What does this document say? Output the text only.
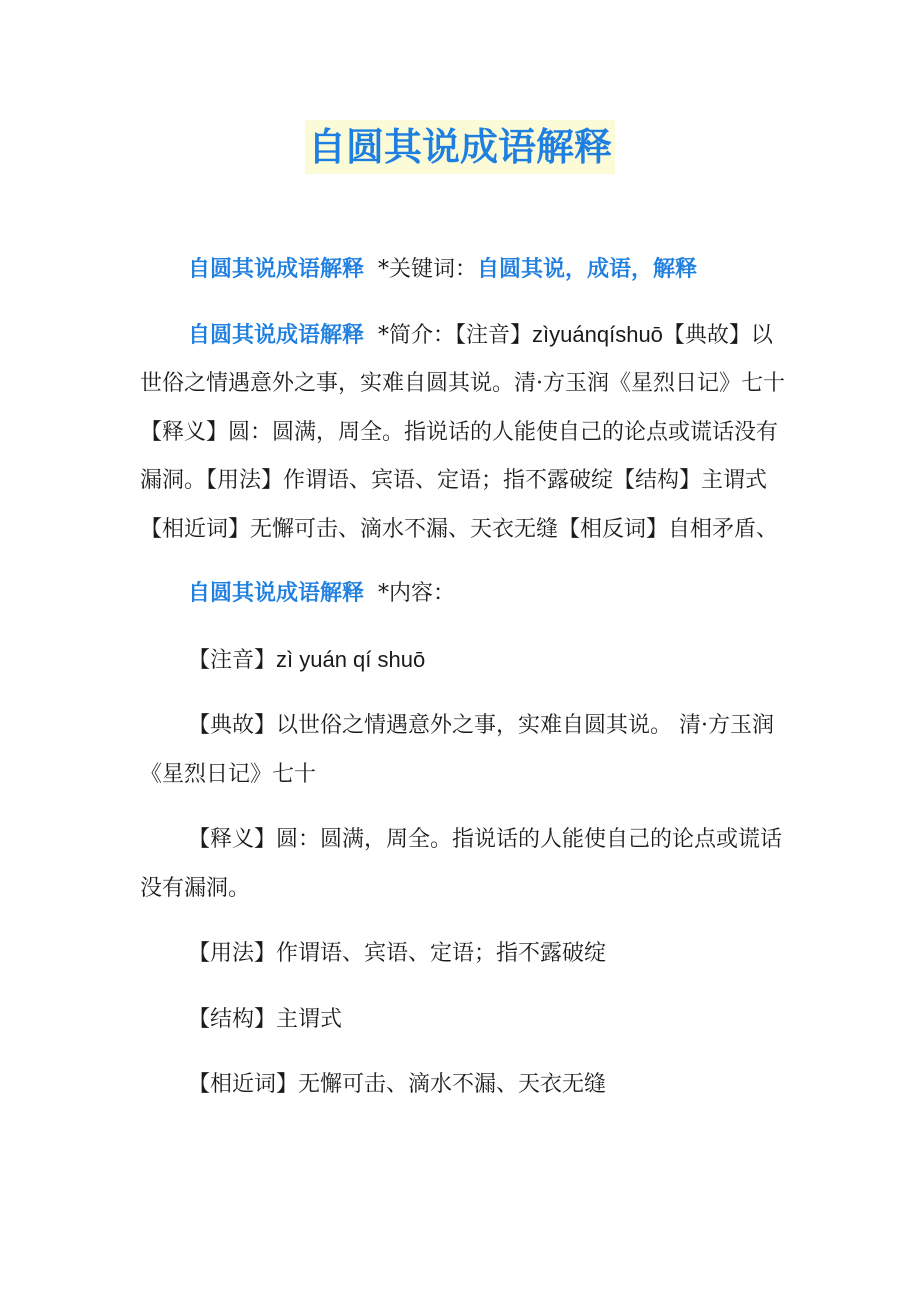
自圆其说成语解释

自圆其说成语解释 *关键词：自圆其说，成语，解释

自圆其说成语解释 *简介：【注音】zìyuánqíshuō【典故】以世俗之情遇意外之事，实难自圆其说。清·方玉润《星烈日记》七十【释义】圆：圆满，周全。指说话的人能使自己的论点或谎话没有漏洞。【用法】作谓语、宾语、定语；指不露破绽【结构】主谓式【相近词】无懈可击、滴水不漏、天衣无缝【相反词】自相矛盾、

自圆其说成语解释 *内容：

【注音】zì yuán qí shuō

【典故】以世俗之情遇意外之事，实难自圆其说。 清·方玉润《星烈日记》七十

【释义】圆：圆满，周全。指说话的人能使自己的论点或谎话没有漏洞。

【用法】作谓语、宾语、定语；指不露破绽

【结构】主谓式

【相近词】无懈可击、滴水不漏、天衣无缝
